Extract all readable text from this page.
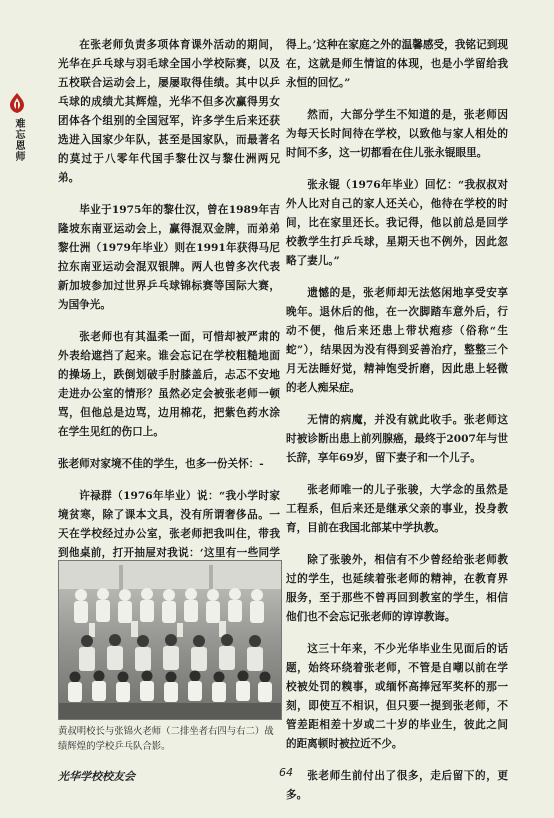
难忘恩师

在张老师负责多项体育课外活动的期间，光华在乒乓球与羽毛球全国小学校际赛，以及五校联合运动会上，屡屡取得佳绩。其中以乒乓球的成绩尤其辉煌，光华不但多次赢得男女团体各个组别的全国冠军，许多学生后来还获选进入国家少年队，甚至是国家队，而最著名的莫过于八零年代国手黎仕汉与黎仕洲两兄弟。

毕业于1975年的黎仕汉，曾在1989年吉隆坡东南亚运动会上，赢得混双金牌，而弟弟黎仕洲（1979年毕业）则在1991年获得马尼拉东南亚运动会混双银牌。两人也曾多次代表新加坡参加过世界乒乓球锦标赛等国际大赛，为国争光。

张老师也有其温柔一面，可惜却被严肃的外表给遮挡了起来。谁会忘记在学校粗糙地面的操场上，跌倒划破手肘膝盖后，忐忑不安地走进办公室的情形？虽然必定会被张老师一顿骂，但他总是边骂，边用棉花，把紫色药水涂在学生见红的伤口上。

张老师对家境不佳的学生，也多一份关怀：-

许禄群（1976年毕业）说：“我小学时家境贫寒，除了课本文具，没有所谓奢侈品。一天在学校经过办公室，张老师把我叫住，带我到他桌前，打开抽屉对我说：‘这里有一些同学

黄叔明校长与张锦火老师（二排坐者右四与右二）战绩辉煌的学校乒乓队合影。

得上。’这种在家庭之外的温馨感受，我铭记到现在，这就是师生情谊的体现，也是小学留给我永恒的回忆。”

然而，大部分学生不知道的是，张老师因为每天长时间待在学校，以致他与家人相处的时间不多，这一切都看在住儿张永锟眼里。

张永锟（1976年毕业）回忆：“我叔叔对外人比对自己的家人还关心，他待在学校的时间，比在家里还长。我记得，他以前总是回学校教学生打乒乓球，星期天也不例外，因此忽略了妻儿。”

遗憾的是，张老师却无法悠闲地享受安享晚年。退休后的他，在一次脚踏车意外后，行动不便，他后来还患上带状疱疹（俗称“生蛇”），结果因为没有得到妥善治疗，整整三个月无法睡好觉，精神饱受折磨，因此患上轻微的老人痴呆症。

无情的病魔，并没有就此收手。张老师这时被诊断出患上前列腺癌，最终于2007年与世长辞，享年69岁，留下妻子和一个儿子。

张老师唯一的儿子张骏，大学念的虽然是工程系，但后来还是继承父亲的事业，投身教育，目前在我国北部某中学执教。

除了张骏外，相信有不少曾经给张老师教过的学生，也延续着张老师的精神，在教育界服务，至于那些不曾再回到教室的学生，相信他们也不会忘记张老师的谆谆教诲。

这三十年来，不少光华毕业生见面后的话题，始终环绕着张老师，不管是自嘲以前在学校被处罚的糗事，或缅怀高捧冠军奖杯的那一刻，即使互不相识，但只要一提到张老师，不管差距相差十岁或二十岁的毕业生，彼此之间的距离顿时被拉近不少。

张老师生前付出了很多，走后留下的，更多。

光华学校校友会	64
